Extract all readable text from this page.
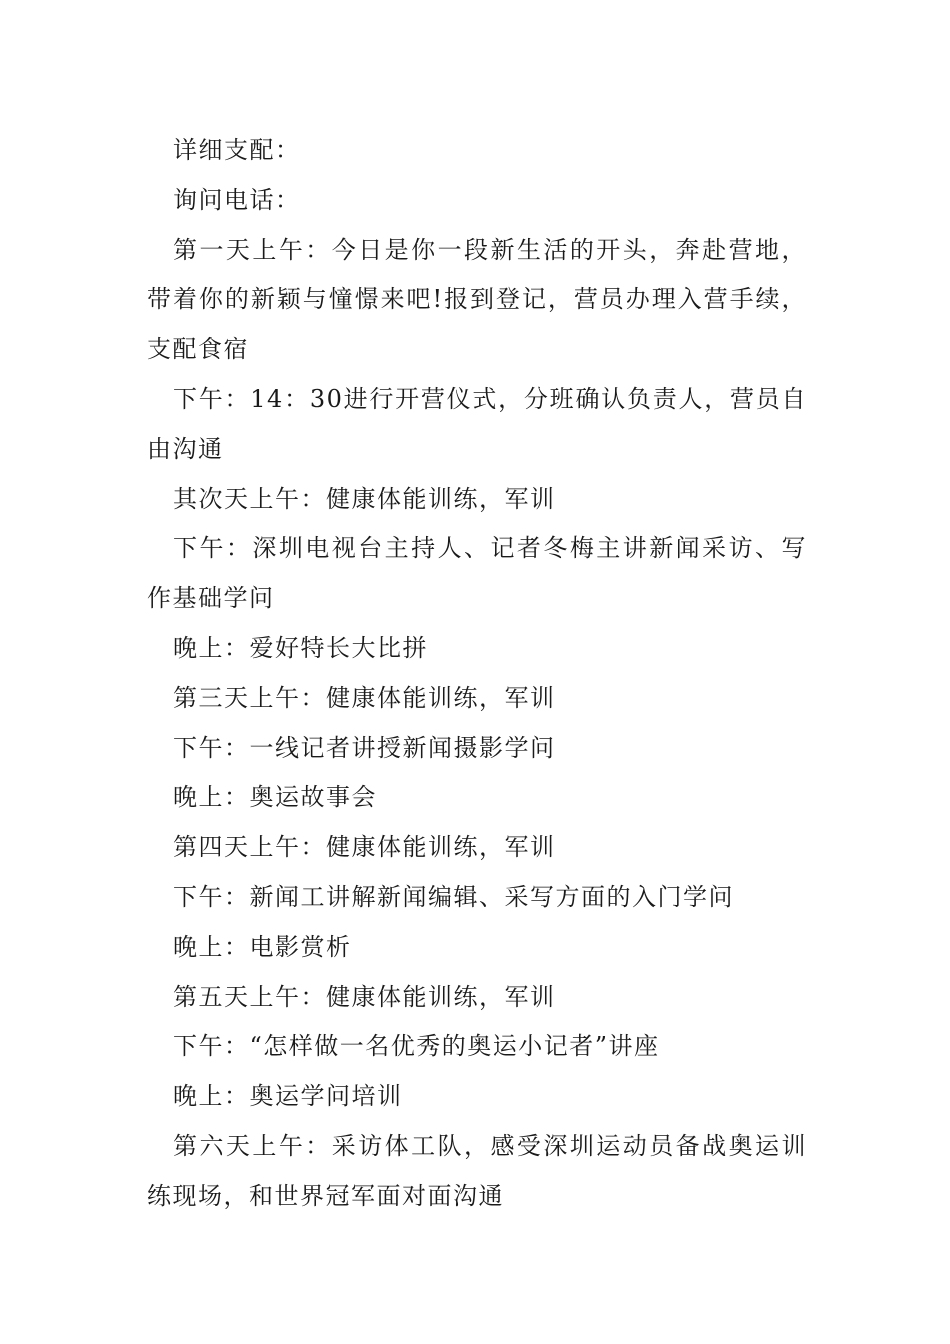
详细支配：

询问电话：

第一天上午：今日是你一段新生活的开头，奔赴营地，带着你的新颖与憧憬来吧!报到登记，营员办理入营手续，支配食宿

下午：14：30进行开营仪式，分班确认负责人，营员自由沟通

其次天上午：健康体能训练，军训

下午：深圳电视台主持人、记者冬梅主讲新闻采访、写作基础学问

晚上：爱好特长大比拼

第三天上午：健康体能训练，军训

下午：一线记者讲授新闻摄影学问

晚上：奥运故事会

第四天上午：健康体能训练，军训

下午：新闻工讲解新闻编辑、采写方面的入门学问

晚上：电影赏析

第五天上午：健康体能训练，军训

下午：“怎样做一名优秀的奥运小记者”讲座

晚上：奥运学问培训

第六天上午：采访体工队，感受深圳运动员备战奥运训练现场，和世界冠军面对面沟通
